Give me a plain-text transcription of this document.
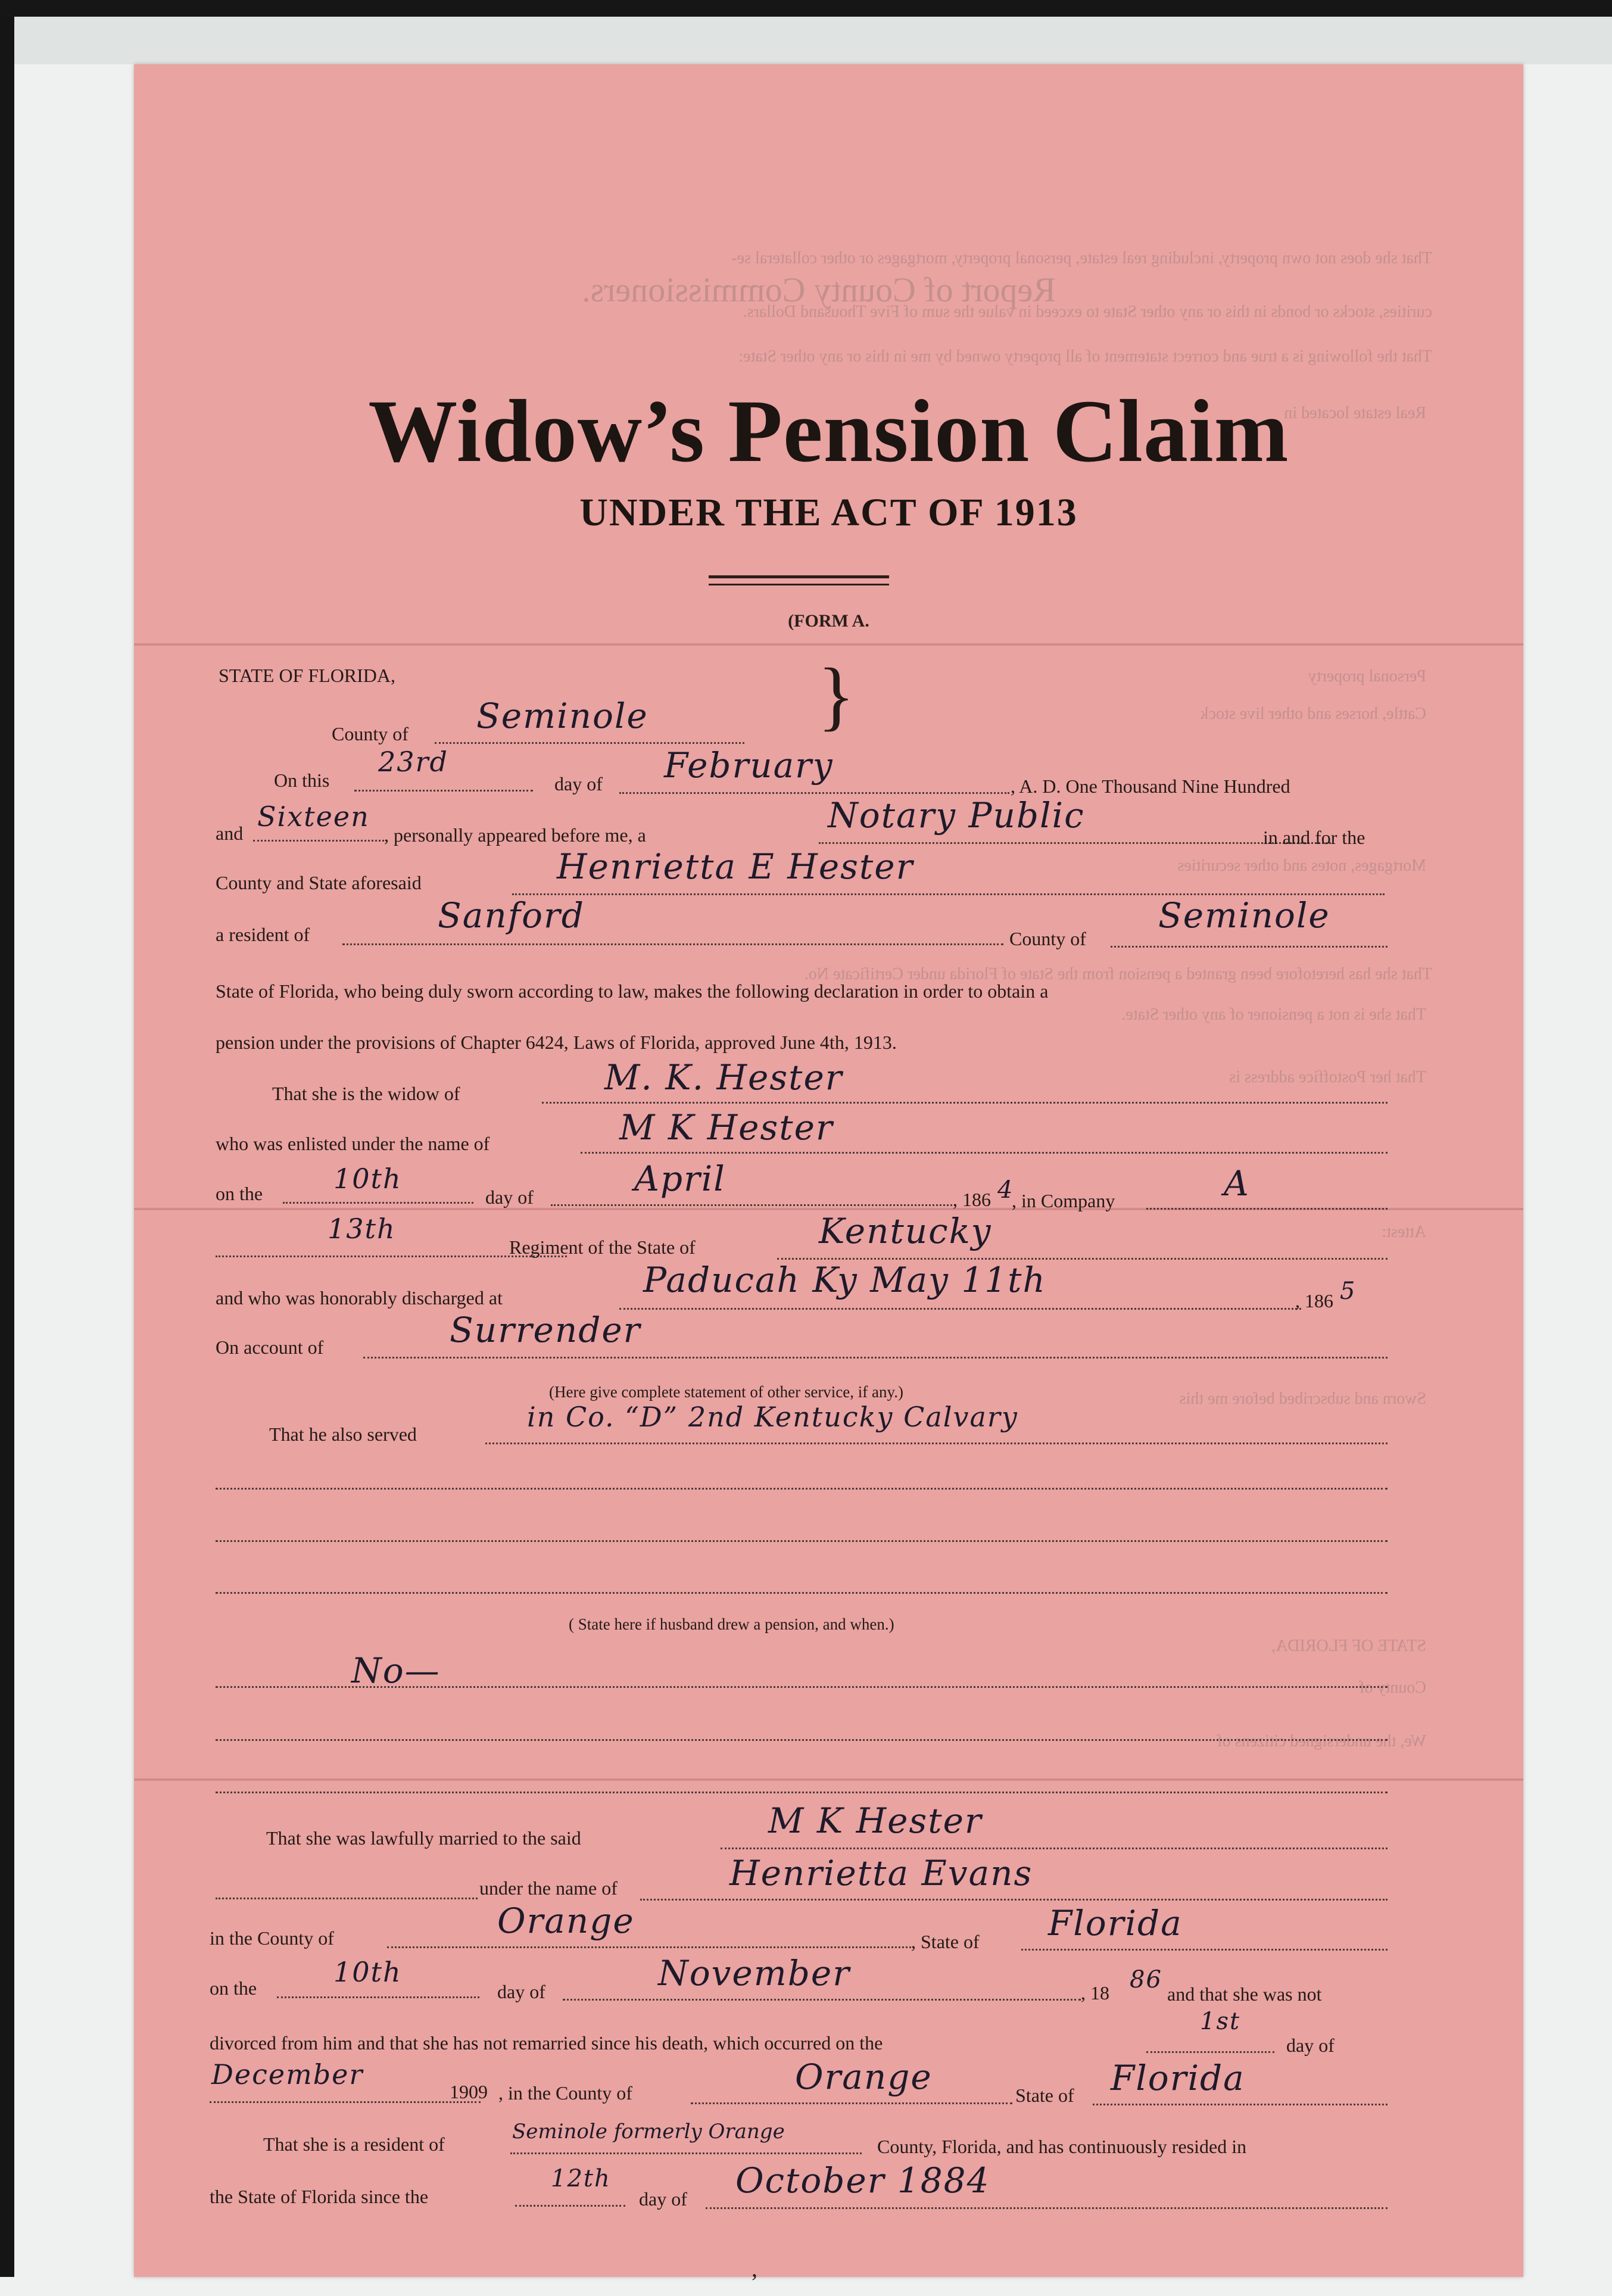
That she does not own property, including real estate, personal property, mortgages or other collateral se-
Report of County Commissioners.
curities, stocks or bonds in this or any other State to exceed in value the sum of Five Thousand Dollars.
That the following is a true and correct statement of all property owned by me in this or any other State:
Real estate located in
Personal property
Cattle, horses and other live stock
Mortgages, notes and other securities
That she has heretofore been granted a pension from the State of Florida under Certificate No.
That she is not a pensioner of any other State.
That her Postoffice address is
Attest:
Sworn and subscribed before me this
STATE OF FLORIDA,
County of
We, the undersigned citizens of
Widow’s Pension Claim
UNDER THE ACT OF 1913
(FORM A.
STATE OF FLORIDA,
County of Seminole }
On this
23rd
day of February
, A. D. One Thousand Nine Hundred
and
Sixteen
, personally appeared before me, a	Notary Public
in and for the
County and State aforesaid	Henrietta E Hester
a resident of	Sanford
County of
Seminole
State of Florida, who being duly sworn according to law, makes the following declaration in order to obtain a
pension under the provisions of Chapter 6424, Laws of Florida, approved June 4th, 1913.
That she is the widow of	M. K. Hester
who was enlisted under the name of	M K Hester
on the	10th
day of	April
, 186 4
, in Company	A
13th
Regiment of the State of	Kentucky
and who was honorably discharged at	Paducah Ky May 11th
, 186 5
On account of	Surrender
(Here give complete statement of other service, if any.)
That he also served
in Co. “D” 2nd Kentucky Calvary
( State here if husband drew a pension, and when.)
No—
That she was lawfully married to the said	M K Hester
under the name of	Henrietta Evans
in the County of	Orange
, State of Florida
on the	10th
day of	November	, 18 86
and that she was not
divorced from him and that she has not remarried since his death, which occurred on the
1st
day of
December
1909 , in the County of	Orange	State of Florida
That she is a resident of
Seminole formerly Orange
County, Florida, and has continuously resided in
the State of Florida since the
12th
day of October 1884
’
